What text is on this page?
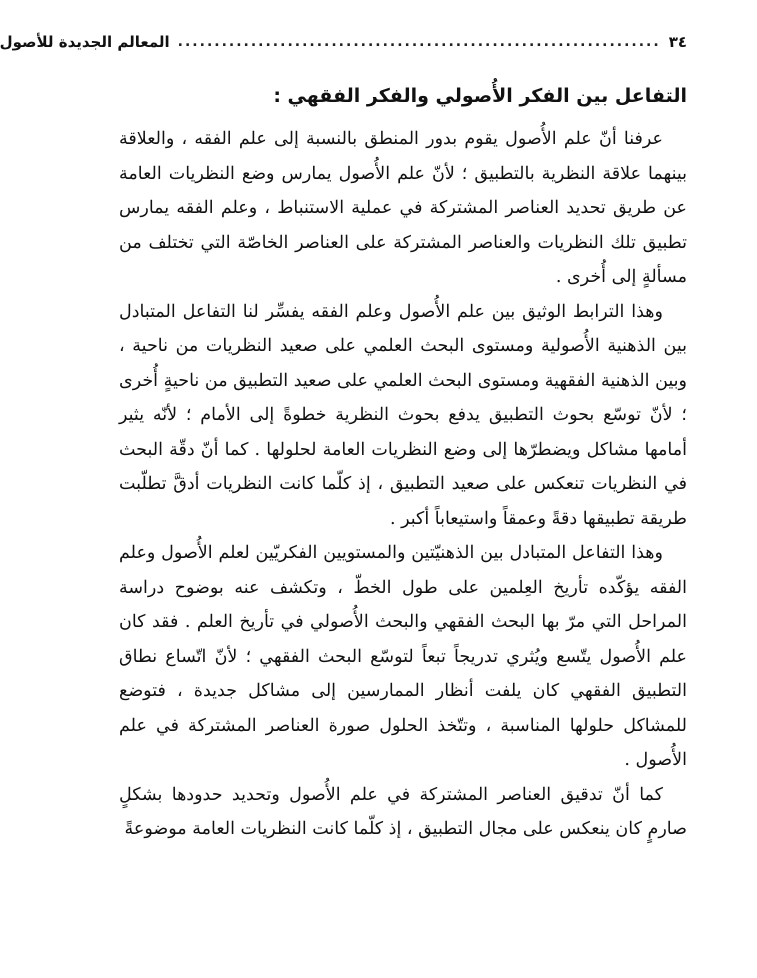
٣٤
..................................................................
المعالم الجديدة للأصول
التفاعل بين الفكر الأُصولي والفكر الفقهي :

عرفنا أنّ علم الأُصول يقوم بدور المنطق بالنسبة إلى علم الفقه ، والعلاقة بينهما علاقة النظرية بالتطبيق ؛ لأنّ علم الأُصول يمارس وضع النظريات العامة عن طريق تحديد العناصر المشتركة في عملية الاستنباط ، وعلم الفقه يمارس تطبيق تلك النظريات والعناصر المشتركة على العناصر الخاصّة التي تختلف من مسألةٍ إلى أُخرى .

وهذا الترابط الوثيق بين علم الأُصول وعلم الفقه يفسِّر لنا التفاعل المتبادل بين الذهنية الأُصولية ومستوى البحث العلمي على صعيد النظريات من ناحية ، وبين الذهنية الفقهية ومستوى البحث العلمي على صعيد التطبيق من ناحيةٍ أُخرى ؛ لأنّ توسّع بحوث التطبيق يدفع بحوث النظرية خطوةً إلى الأمام ؛ لأنّه يثير أمامها مشاكل ويضطرّها إلى وضع النظريات العامة لحلولها . كما أنّ دقّة البحث في النظريات تنعكس على صعيد التطبيق ، إذ كلّما كانت النظريات أدقَّ تطلّبت طريقة تطبيقها دقةً وعمقاً واستيعاباً أكبر .

وهذا التفاعل المتبادل بين الذهنيّتين والمستويين الفكريّين لعلم الأُصول وعلم الفقه يؤكّده تأريخ العِلمين على طول الخطّ ، وتكشف عنه بوضوح دراسة المراحل التي مرّ بها البحث الفقهي والبحث الأُصولي في تأريخ العلم . فقد كان علم الأُصول يتّسع ويُثري تدريجاً تبعاً لتوسّع البحث الفقهي ؛ لأنّ اتّساع نطاق التطبيق الفقهي كان يلفت أنظار الممارسين إلى مشاكل جديدة ، فتوضع للمشاكل حلولها المناسبة ، وتتّخذ الحلول صورة العناصر المشتركة في علم الأُصول .

كما أنّ تدقيق العناصر المشتركة في علم الأُصول وتحديد حدودها بشكلٍ صارمٍ كان ينعكس على مجال التطبيق ، إذ كلّما كانت النظريات العامة موضوعةً
